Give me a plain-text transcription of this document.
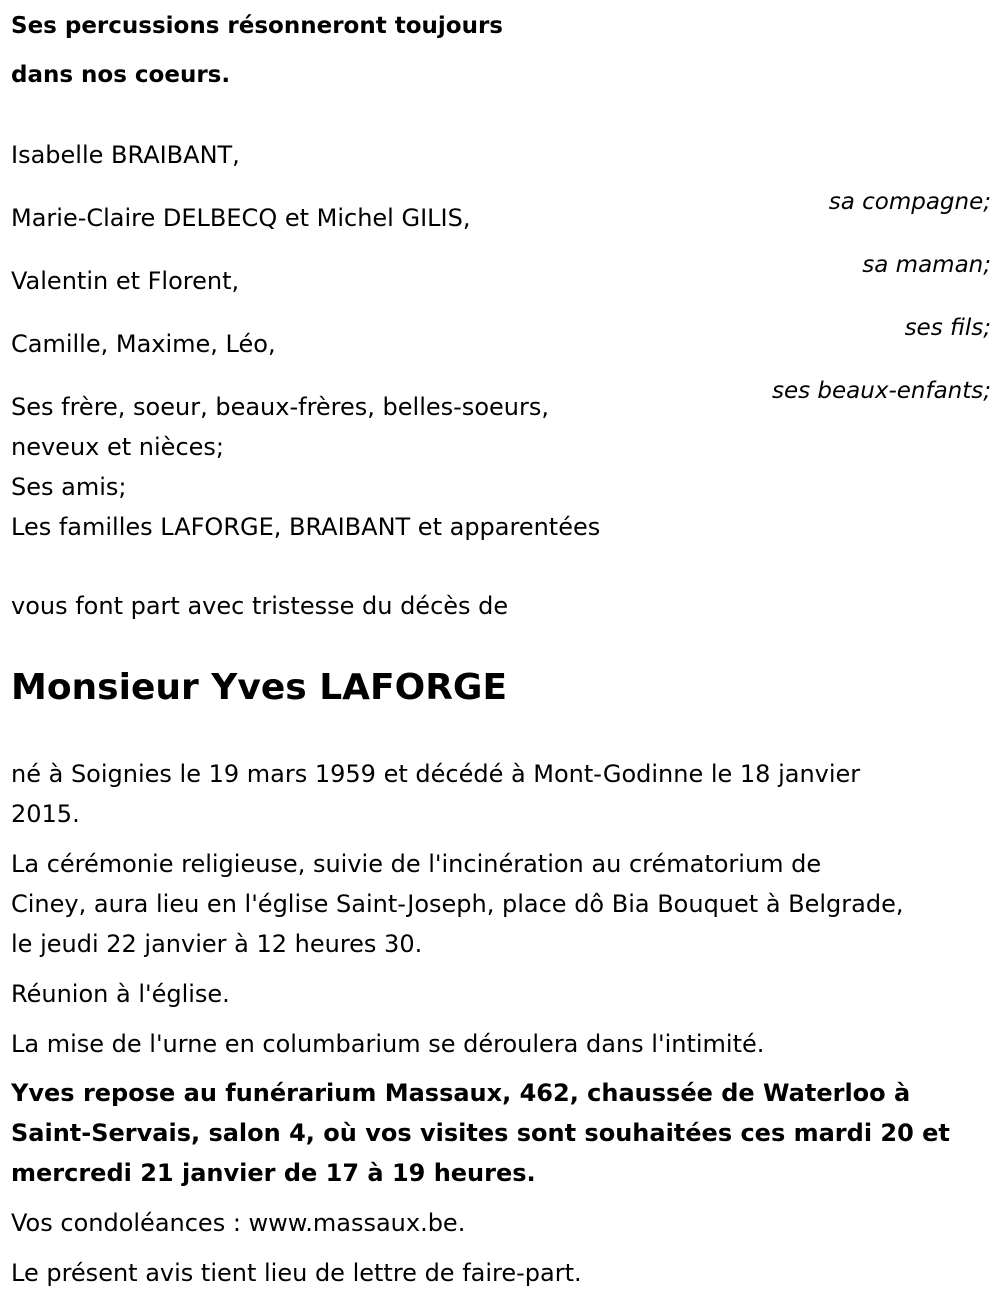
Ses percussions résonneront toujours

dans nos coeurs.

Isabelle BRAIBANT,

sa compagne;

Marie-Claire DELBECQ et Michel GILIS,

sa maman;

Valentin et Florent,

ses fils;

Camille, Maxime, Léo,

ses beaux-enfants;

Ses frère, soeur, beaux-frères, belles-soeurs,

neveux et nièces;

Ses amis;

Les familles LAFORGE, BRAIBANT et apparentées

vous font part avec tristesse du décès de

Monsieur Yves LAFORGE

né à Soignies le 19 mars 1959 et décédé à Mont-Godinne le 18 janvier

2015.

La cérémonie religieuse, suivie de l'incinération au crématorium de

Ciney, aura lieu en l'église Saint-Joseph, place dô Bia Bouquet à Belgrade,

le jeudi 22 janvier à 12 heures 30.

Réunion à l'église.

La mise de l'urne en columbarium se déroulera dans l'intimité.

Yves repose au funérarium Massaux, 462, chaussée de Waterloo à

Saint-Servais, salon 4, où vos visites sont souhaitées ces mardi 20 et

mercredi 21 janvier de 17 à 19 heures.

Vos condoléances : www.massaux.be.

Le présent avis tient lieu de lettre de faire-part.
